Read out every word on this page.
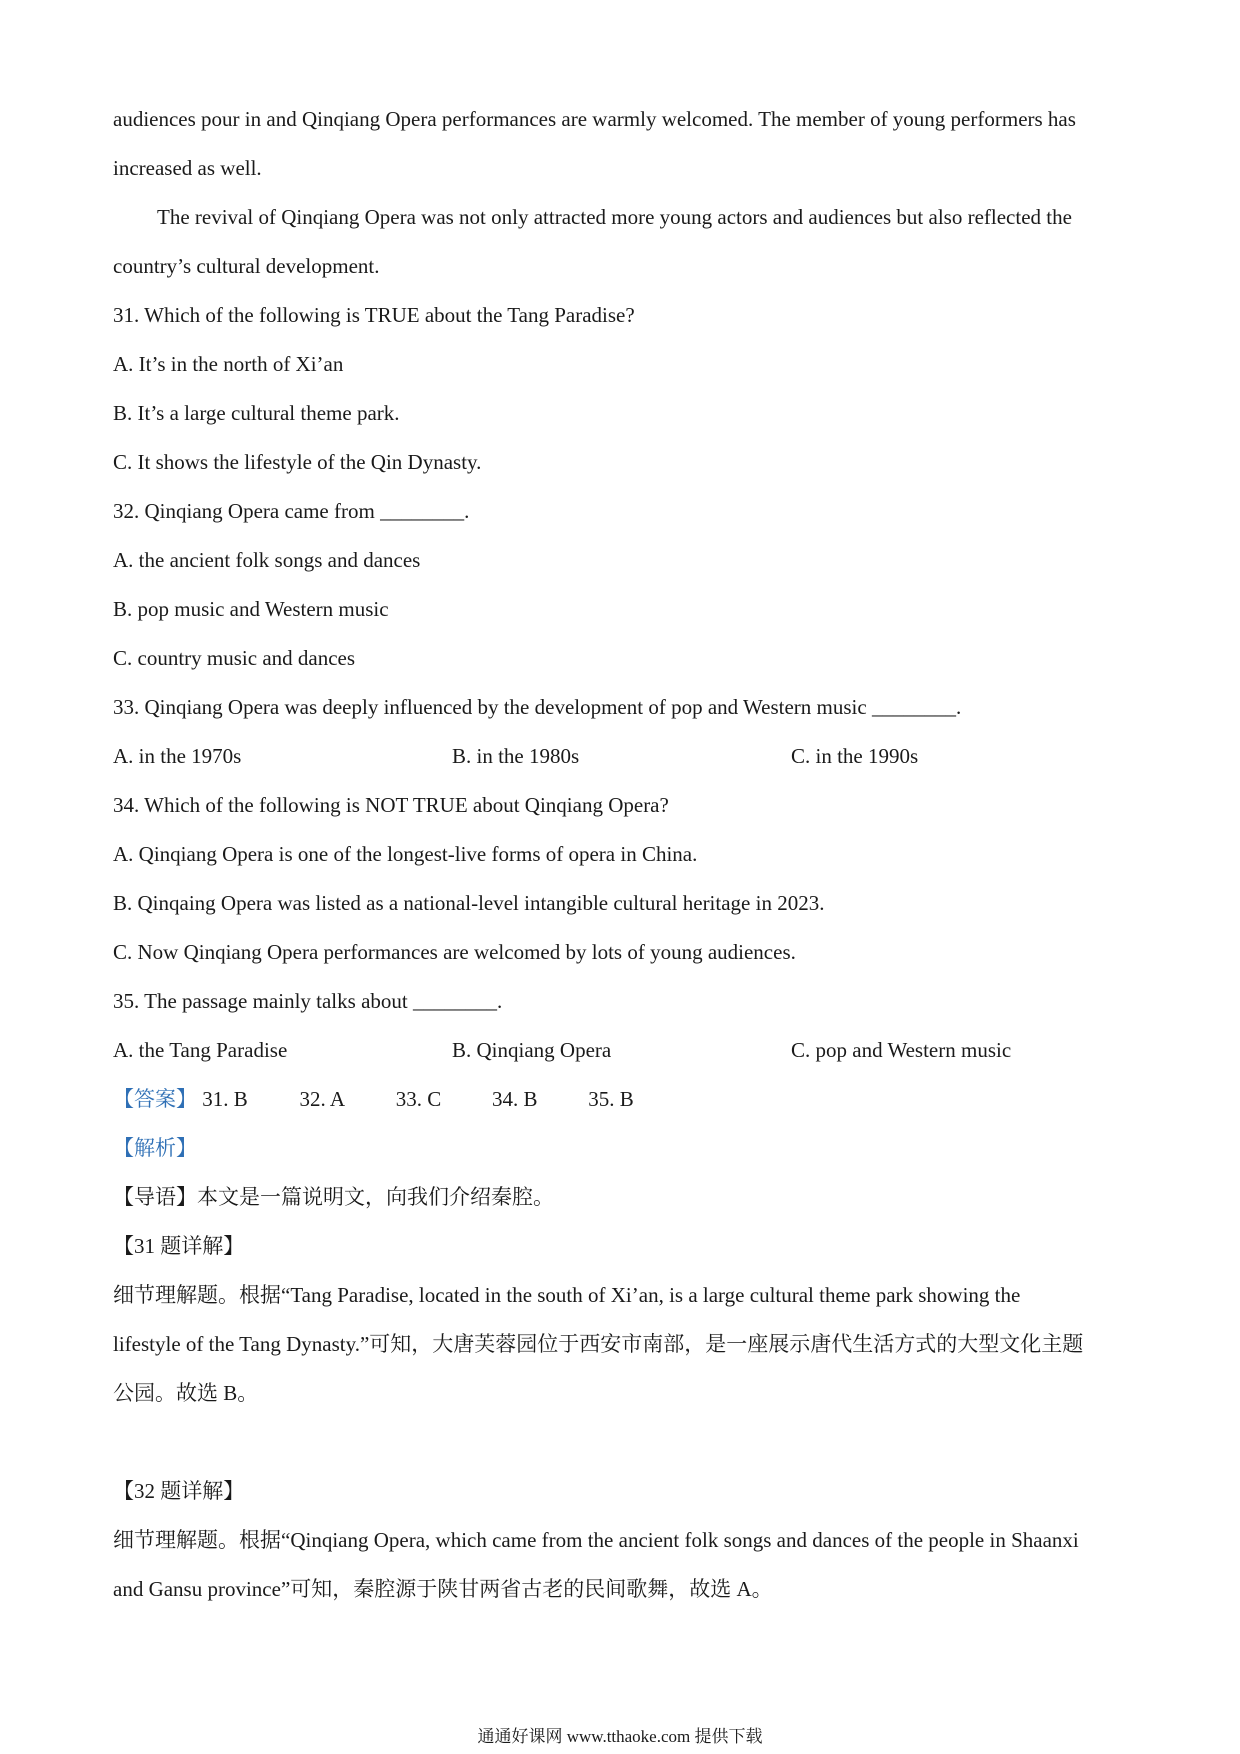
audiences pour in and Qinqiang Opera performances are warmly welcomed. The member of young performers has
increased as well.
The revival of Qinqiang Opera was not only attracted more young actors and audiences but also reflected the
country’s cultural development.
31. Which of the following is TRUE about the Tang Paradise?
A. It’s in the north of Xi’an
B. It’s a large cultural theme park.
C. It shows the lifestyle of the Qin Dynasty.
32. Qinqiang Opera came from ________.
A. the ancient folk songs and dances
B. pop music and Western music
C. country music and dances
33. Qinqiang Opera was deeply influenced by the development of pop and Western music ________.
A. in the 1970s	B. in the 1980s	C. in the 1990s
34. Which of the following is NOT TRUE about Qinqiang Opera?
A. Qinqiang Opera is one of the longest-live forms of opera in China.
B. Qinqaing Opera was listed as a national-level intangible cultural heritage in 2023.
C. Now Qinqiang Opera performances are welcomed by lots of young audiences.
35. The passage mainly talks about ________.
A. the Tang Paradise	B. Qinqiang Opera	C. pop and Western music
【答案】 31. B 32. A 33. C 34. B 35. B
【解析】
【导语】本文是一篇说明文，向我们介绍秦腔。
【31 题详解】
细节理解题。根据“Tang Paradise, located in the south of Xi’an, is a large cultural theme park showing the
lifestyle of the Tang Dynasty.”可知，大唐芙蓉园位于西安市南部，是一座展示唐代生活方式的大型文化主题
公园。故选 B。
【32 题详解】
细节理解题。根据“Qinqiang Opera, which came from the ancient folk songs and dances of the people in Shaanxi
and Gansu province”可知，秦腔源于陕甘两省古老的民间歌舞，故选 A。
通通好课网 www.tthaoke.com 提供下载
